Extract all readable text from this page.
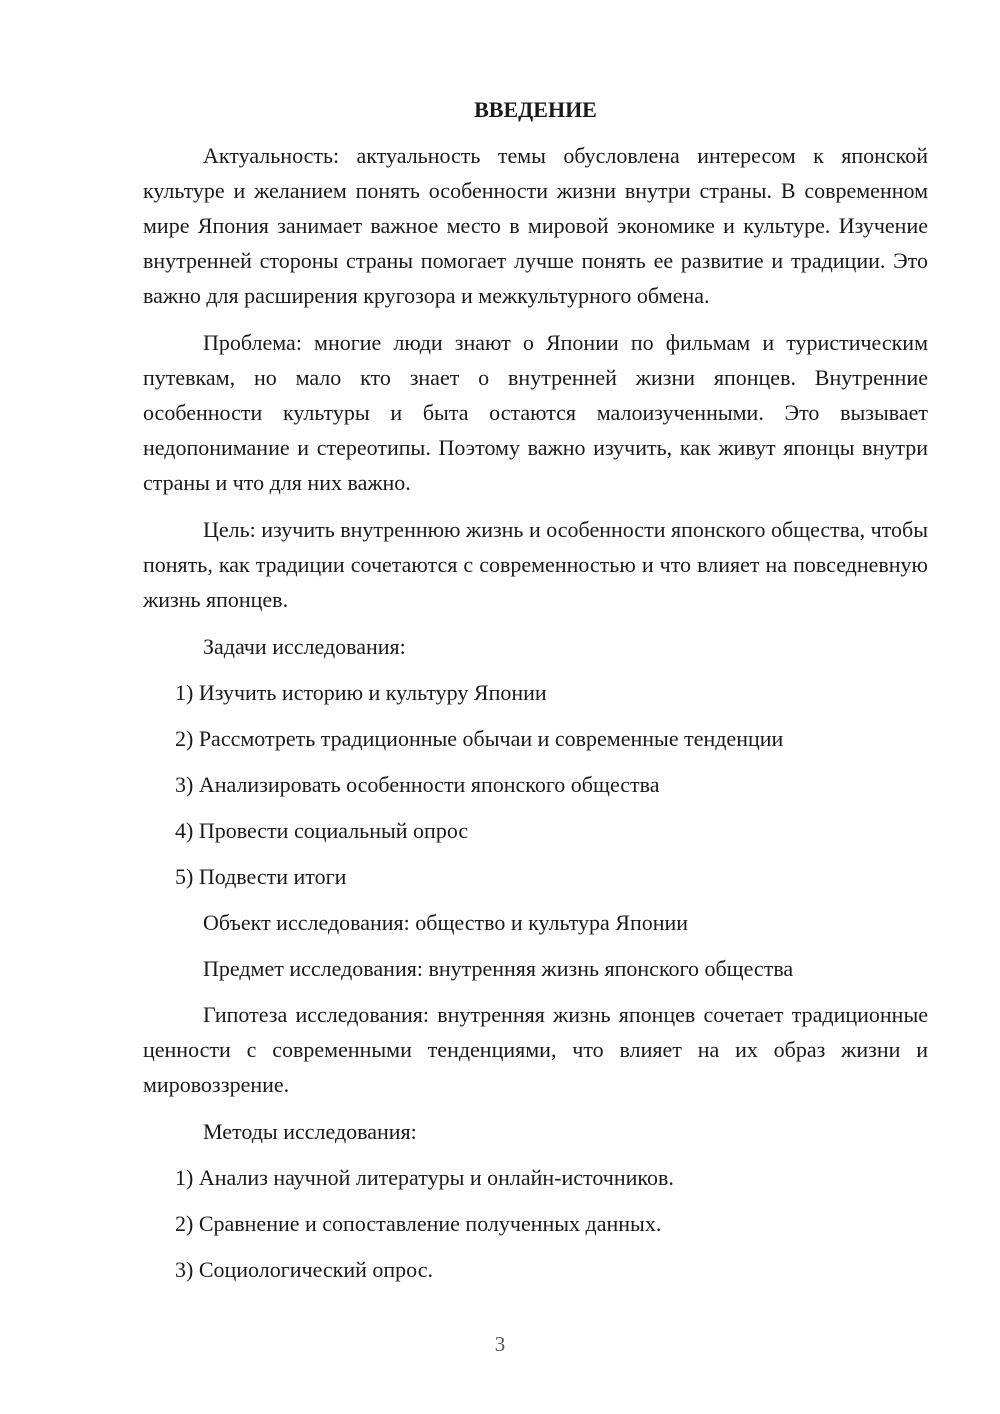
ВВЕДЕНИЕ

Актуальность: актуальность темы обусловлена интересом к японской культуре и желанием понять особенности жизни внутри страны. В современном мире Япония занимает важное место в мировой экономике и культуре. Изучение внутренней стороны страны помогает лучше понять ее развитие и традиции. Это важно для расширения кругозора и межкультурного обмена.

Проблема: многие люди знают о Японии по фильмам и туристическим путевкам, но мало кто знает о внутренней жизни японцев. Внутренние особенности культуры и быта остаются малоизученными. Это вызывает недопонимание и стереотипы. Поэтому важно изучить, как живут японцы внутри страны и что для них важно.

Цель: изучить внутреннюю жизнь и особенности японского общества, чтобы понять, как традиции сочетаются с современностью и что влияет на повседневную жизнь японцев.

Задачи исследования:
1) Изучить историю и культуру Японии
2) Рассмотреть традиционные обычаи и современные тенденции
3) Анализировать особенности японского общества
4) Провести социальный опрос
5) Подвести итоги
Объект исследования: общество и культура Японии
Предмет исследования: внутренняя жизнь японского общества

Гипотеза исследования: внутренняя жизнь японцев сочетает традиционные ценности с современными тенденциями, что влияет на их образ жизни и мировоззрение.

Методы исследования:
1) Анализ научной литературы и онлайн-источников.
2) Сравнение и сопоставление полученных данных.
3) Социологический опрос.
3
